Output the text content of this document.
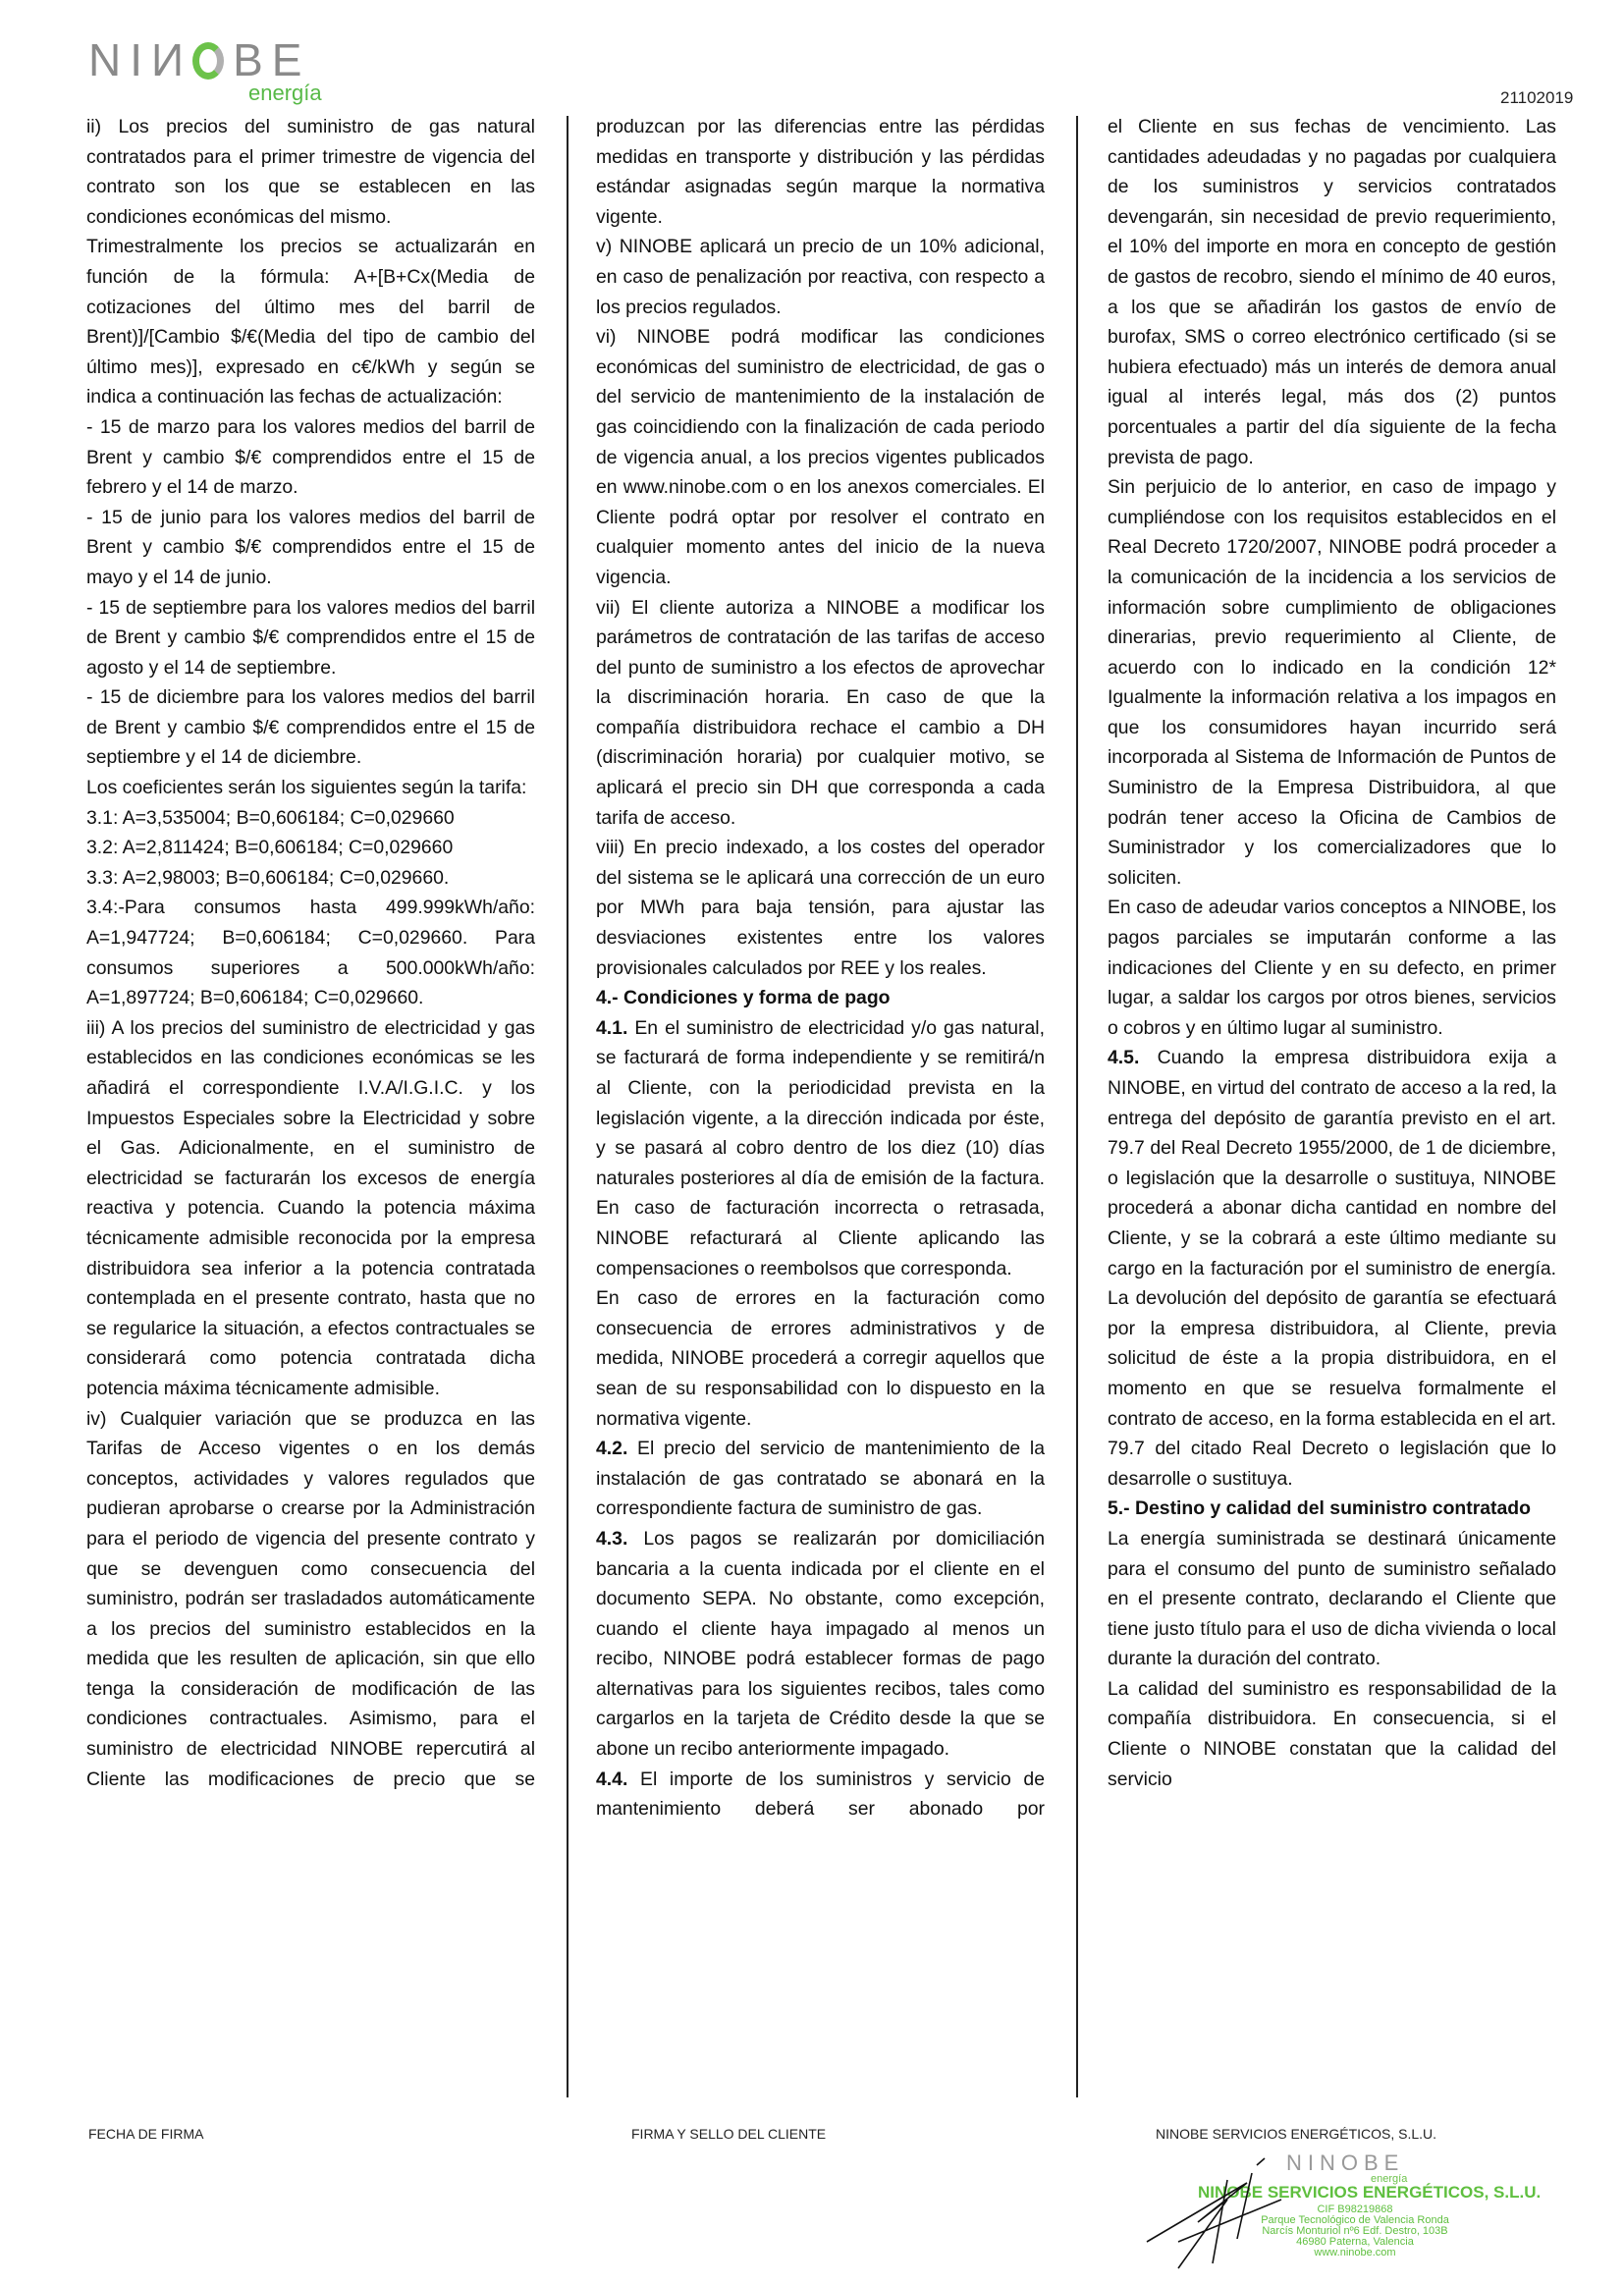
NIИ BE
energía	21102019

ii) Los precios del suministro de gas natural contratados para el primer trimestre de vigencia del contrato son los que se establecen en las condiciones económicas del mismo.

Trimestralmente los precios se actualizarán en función de la fórmula: A+[B+Cx(Media de cotizaciones del último mes del barril de Brent)]/[Cambio $/€(Media del tipo de cambio del último mes)], expresado en c€/kWh y según se indica a continuación las fechas de actualización:

- 15 de marzo para los valores medios del barril de Brent y cambio $/€ comprendidos entre el 15 de febrero y el 14 de marzo.

- 15 de junio para los valores medios del barril de Brent y cambio $/€ comprendidos entre el 15 de mayo y el 14 de junio.

- 15 de septiembre para los valores medios del barril de Brent y cambio $/€ comprendidos entre el 15 de agosto y el 14 de septiembre.

- 15 de diciembre para los valores medios del barril de Brent y cambio $/€ comprendidos entre el 15 de septiembre y el 14 de diciembre.

Los coeficientes serán los siguientes según la tarifa:

3.1: A=3,535004; B=0,606184; C=0,029660

3.2: A=2,811424; B=0,606184; C=0,029660

3.3: A=2,98003; B=0,606184; C=0,029660.

3.4:-Para consumos hasta 499.999kWh/año: A=1,947724; B=0,606184; C=0,029660. Para consumos superiores a 500.000kWh/año: A=1,897724; B=0,606184; C=0,029660.

iii) A los precios del suministro de electricidad y gas establecidos en las condiciones económicas se les añadirá el correspondiente I.V.A/I.G.I.C. y los Impuestos Especiales sobre la Electricidad y sobre el Gas. Adicionalmente, en el suministro de electricidad se facturarán los excesos de energía reactiva y potencia. Cuando la potencia máxima técnicamente admisible reconocida por la empresa distribuidora sea inferior a la potencia contratada contemplada en el presente contrato, hasta que no se regularice la situación, a efectos contractuales se considerará como potencia contratada dicha potencia máxima técnicamente admisible.

iv) Cualquier variación que se produzca en las Tarifas de Acceso vigentes o en los demás conceptos, actividades y valores regulados que pudieran aprobarse o crearse por la Administración para el periodo de vigencia del presente contrato y que se devenguen como consecuencia del suministro, podrán ser trasladados automáticamente a los precios del suministro establecidos en la medida que les resulten de aplicación, sin que ello tenga la consideración de modificación de las condiciones contractuales. Asimismo, para el suministro de electricidad NINOBE repercutirá al Cliente las modificaciones de precio que se

produzcan por las diferencias entre las pérdidas medidas en transporte y distribución y las pérdidas estándar asignadas según marque la normativa vigente.

v) NINOBE aplicará un precio de un 10% adicional, en caso de penalización por reactiva, con respecto a los precios regulados.

vi) NINOBE podrá modificar las condiciones económicas del suministro de electricidad, de gas o del servicio de mantenimiento de la instalación de gas coincidiendo con la finalización de cada periodo de vigencia anual, a los precios vigentes publicados en www.ninobe.com o en los anexos comerciales. El Cliente podrá optar por resolver el contrato en cualquier momento antes del inicio de la nueva vigencia.

vii) El cliente autoriza a NINOBE a modificar los parámetros de contratación de las tarifas de acceso del punto de suministro a los efectos de aprovechar la discriminación horaria. En caso de que la compañía distribuidora rechace el cambio a DH (discriminación horaria) por cualquier motivo, se aplicará el precio sin DH que corresponda a cada tarifa de acceso.

viii) En precio indexado, a los costes del operador del sistema se le aplicará una corrección de un euro por MWh para baja tensión, para ajustar las desviaciones existentes entre los valores provisionales calculados por REE y los reales.

4.- Condiciones y forma de pago

4.1. En el suministro de electricidad y/o gas natural, se facturará de forma independiente y se remitirá/n al Cliente, con la periodicidad prevista en la legislación vigente, a la dirección indicada por éste, y se pasará al cobro dentro de los diez (10) días naturales posteriores al día de emisión de la factura. En caso de facturación incorrecta o retrasada, NINOBE refacturará al Cliente aplicando las compensaciones o reembolsos que corresponda.

En caso de errores en la facturación como consecuencia de errores administrativos y de medida, NINOBE procederá a corregir aquellos que sean de su responsabilidad con lo dispuesto en la normativa vigente.

4.2. El precio del servicio de mantenimiento de la instalación de gas contratado se abonará en la correspondiente factura de suministro de gas.

4.3. Los pagos se realizarán por domiciliación bancaria a la cuenta indicada por el cliente en el documento SEPA. No obstante, como excepción, cuando el cliente haya impagado al menos un recibo, NINOBE podrá establecer formas de pago alternativas para los siguientes recibos, tales como cargarlos en la tarjeta de Crédito desde la que se abone un recibo anteriormente impagado.

4.4. El importe de los suministros y servicio de mantenimiento deberá ser abonado por

el Cliente en sus fechas de vencimiento. Las cantidades adeudadas y no pagadas por cualquiera de los suministros y servicios contratados devengarán, sin necesidad de previo requerimiento, el 10% del importe en mora en concepto de gestión de gastos de recobro, siendo el mínimo de 40 euros, a los que se añadirán los gastos de envío de burofax, SMS o correo electrónico certificado (si se hubiera efectuado) más un interés de demora anual igual al interés legal, más dos (2) puntos porcentuales a partir del día siguiente de la fecha prevista de pago.

Sin perjuicio de lo anterior, en caso de impago y cumpliéndose con los requisitos establecidos en el Real Decreto 1720/2007, NINOBE podrá proceder a la comunicación de la incidencia a los servicios de información sobre cumplimiento de obligaciones dinerarias, previo requerimiento al Cliente, de acuerdo con lo indicado en la condición 12* Igualmente la información relativa a los impagos en que los consumidores hayan incurrido será incorporada al Sistema de Información de Puntos de Suministro de la Empresa Distribuidora, al que podrán tener acceso la Oficina de Cambios de Suministrador y los comercializadores que lo soliciten.

En caso de adeudar varios conceptos a NINOBE, los pagos parciales se imputarán conforme a las indicaciones del Cliente y en su defecto, en primer lugar, a saldar los cargos por otros bienes, servicios o cobros y en último lugar al suministro.

4.5. Cuando la empresa distribuidora exija a NINOBE, en virtud del contrato de acceso a la red, la entrega del depósito de garantía previsto en el art. 79.7 del Real Decreto 1955/2000, de 1 de diciembre, o legislación que la desarrolle o sustituya, NINOBE procederá a abonar dicha cantidad en nombre del Cliente, y se la cobrará a este último mediante su cargo en la facturación por el suministro de energía. La devolución del depósito de garantía se efectuará por la empresa distribuidora, al Cliente, previa solicitud de éste a la propia distribuidora, en el momento en que se resuelva formalmente el contrato de acceso, en la forma establecida en el art. 79.7 del citado Real Decreto o legislación que lo desarrolle o sustituya.

5.- Destino y calidad del suministro contratado

La energía suministrada se destinará únicamente para el consumo del punto de suministro señalado en el presente contrato, declarando el Cliente que tiene justo título para el uso de dicha vivienda o local durante la duración del contrato.

La calidad del suministro es responsabilidad de la compañía distribuidora. En consecuencia, si el Cliente o NINOBE constatan que la calidad del servicio

FECHA DE FIRMA	FIRMA Y SELLO DEL CLIENTE	NINOBE SERVICIOS ENERGÉTICOS, S.L.U.
NINOBE
energía
NINOBE SERVICIOS ENERGÉTICOS, S.L.U.
CIF B98219868
Parque Tecnológico de Valencia Ronda
Narcís Monturiol nº6 Edf. Destro, 103B
46980 Paterna, Valencia
www.ninobe.com
